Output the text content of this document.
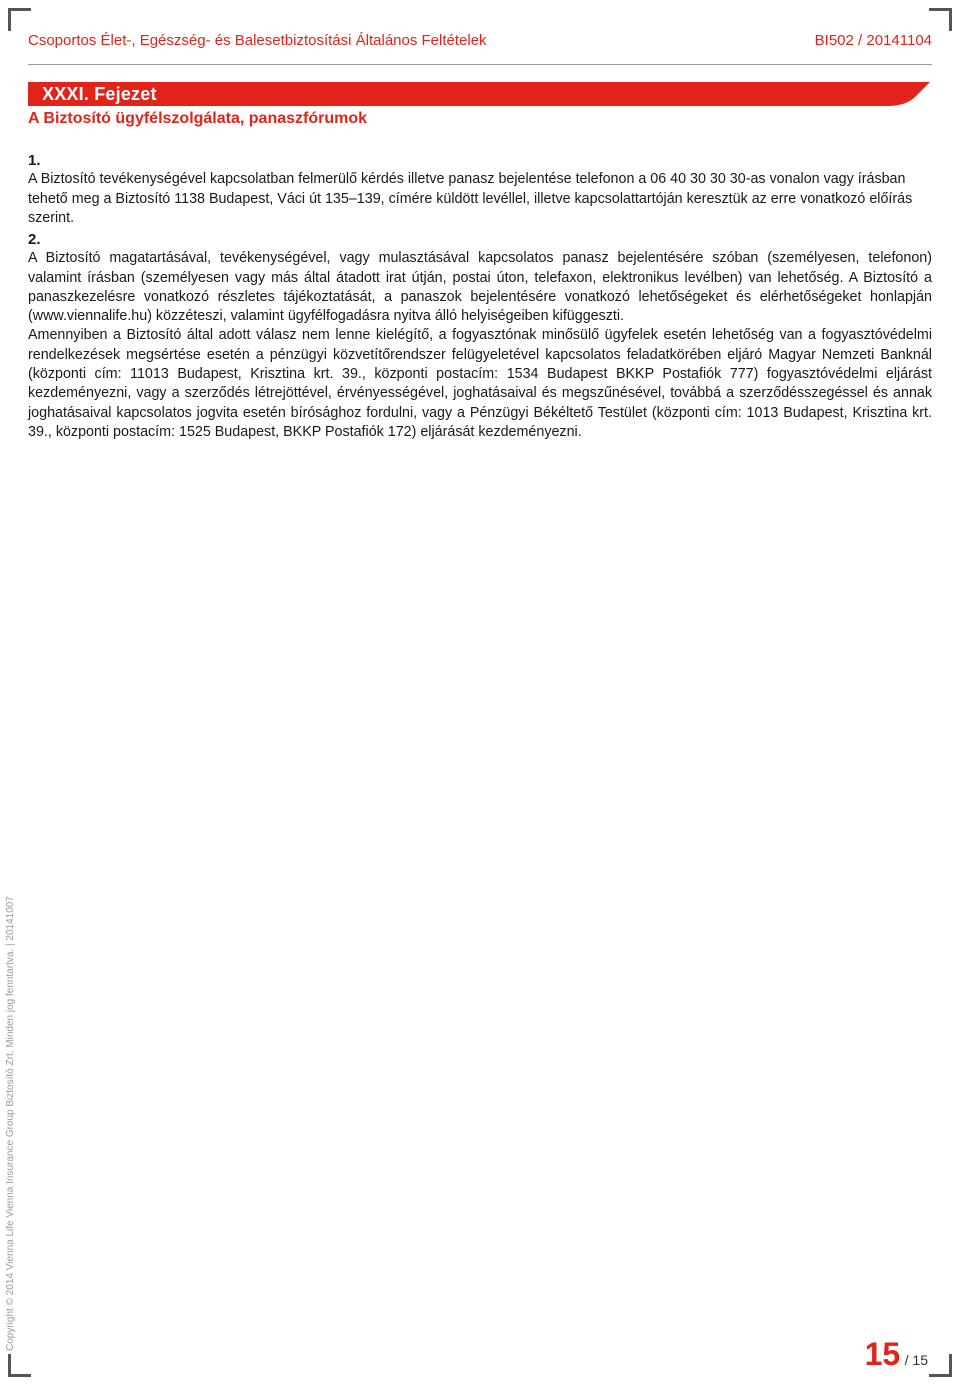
Csoportos Élet-, Egészség- és Balesetbiztosítási Általános Feltételek	BI502 / 20141104
XXXI. Fejezet
A Biztosító ügyfélszolgálata, panaszfórumok
1.

A Biztosító tevékenységével kapcsolatban felmerülő kérdés illetve panasz bejelentése telefonon a 06 40 30 30 30-as vonalon vagy írásban tehető meg a Biztosító 1138 Budapest, Váci út 135–139, címére küldött levéllel, illetve kapcsolattartóján keresztük az erre vonatkozó előírás szerint.

2.

A Biztosító magatartásával, tevékenységével, vagy mulasztásával kapcsolatos panasz bejelentésére szóban (személyesen, telefonon) valamint írásban (személyesen vagy más által átadott irat útján, postai úton, telefaxon, elektronikus levélben) van lehetőség. A Biztosító a panaszkezelésre vonatkozó részletes tájékoztatását, a panaszok bejelentésére vonatkozó lehetőségeket és elérhetőségeket honlapján (www.viennalife.hu) közzéteszi, valamint ügyfélfogadásra nyitva álló helyiségeiben kifüggeszti.

Amennyiben a Biztosító által adott válasz nem lenne kielégítő, a fogyasztónak minősülő ügyfelek esetén lehetőség van a fogyasztóvédelmi rendelkezések megsértése esetén a pénzügyi közvetítőrendszer felügyeletével kapcsolatos feladatkörében eljáró Magyar Nemzeti Banknál (központi cím: 11013 Budapest, Krisztina krt. 39., központi postacím: 1534 Budapest BKKP Postafiók 777) fogyasztóvédelmi eljárást kezdeményezni, vagy a szerződés létrejöttével, érvényességével, joghatásaival és megszűnésével, továbbá a szerződésszegéssel és annak joghatásaival kapcsolatos jogvita esetén bírósághoz fordulni, vagy a Pénzügyi Békéltető Testület (központi cím: 1013 Budapest, Krisztina krt. 39., központi postacím: 1525 Budapest, BKKP Postafiók 172) eljárását kezdeményezni.

Copyright © 2014 Vienna Life Vienna Insurance Group Biztosító Zrt. Minden jog fenntartva. | 20141007
15 / 15
